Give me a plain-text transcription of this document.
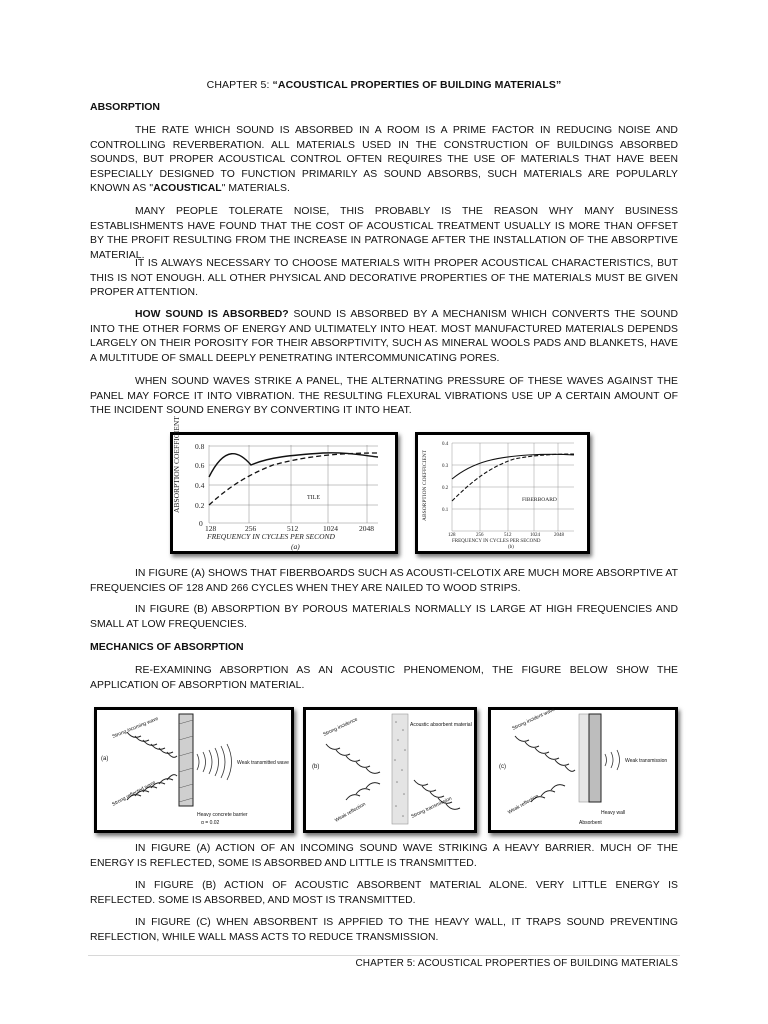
CHAPTER 5: “ACOUSTICAL PROPERTIES OF BUILDING MATERIALS”
ABSORPTION
THE RATE WHICH SOUND IS ABSORBED IN A ROOM IS A PRIME FACTOR IN REDUCING NOISE AND CONTROLLING REVERBERATION. ALL MATERIALS USED IN THE CONSTRUCTION OF BUILDINGS ABSORBED SOUNDS, BUT PROPER ACOUSTICAL CONTROL OFTEN REQUIRES THE USE OF MATERIALS THAT HAVE BEEN ESPECIALLY DESIGNED TO FUNCTION PRIMARILY AS SOUND ABSORBS, SUCH MATERIALS ARE POPULARLY KNOWN AS "ACOUSTICAL" MATERIALS.
MANY PEOPLE TOLERATE NOISE, THIS PROBABLY IS THE REASON WHY MANY BUSINESS ESTABLISHMENTS HAVE FOUND THAT THE COST OF ACOUSTICAL TREATMENT USUALLY IS MORE THAN OFFSET BY THE PROFIT RESULTING FROM THE INCREASE IN PATRONAGE AFTER THE INSTALLATION OF THE ABSORPTIVE MATERIAL.
IT IS ALWAYS NECESSARY TO CHOOSE MATERIALS WITH PROPER ACOUSTICAL CHARACTERISTICS, BUT THIS IS NOT ENOUGH. ALL OTHER PHYSICAL AND DECORATIVE PROPERTIES OF THE MATERIALS MUST BE GIVEN PROPER ATTENTION.
HOW SOUND IS ABSORBED? SOUND IS ABSORBED BY A MECHANISM WHICH CONVERTS THE SOUND INTO THE OTHER FORMS OF ENERGY AND ULTIMATELY INTO HEAT. MOST MANUFACTURED MATERIALS DEPENDS LARGELY ON THEIR POROSITY FOR THEIR ABSORPTIVITY, SUCH AS MINERAL WOOLS PADS AND BLANKETS, HAVE A MULTITUDE OF SMALL DEEPLY PENETRATING INTERCOMMUNICATING PORES.
WHEN SOUND WAVES STRIKE A PANEL, THE ALTERNATING PRESSURE OF THESE WAVES AGAINST THE PANEL MAY FORCE IT INTO VIBRATION. THE RESULTING FLEXURAL VIBRATIONS USE UP A CERTAIN AMOUNT OF THE INCIDENT SOUND ENERGY BY CONVERTING IT INTO HEAT.
ABSORPTION COEFFICIENT 0.8
0.6
0.4
0.2
0
128	256	512	1024	2048
FREQUENCY IN CYCLES PER SECOND
(a)
TILE	ABSORPTION COEFFICIENT
0.4
0.3
0.2
0.1
128	256	512	1024	2048
FREQUENCY IN CYCLES PER SECOND
(b)
FIBERBOARD
IN FIGURE (A) SHOWS THAT FIBERBOARDS SUCH AS ACOUSTI-CELOTIX ARE MUCH MORE ABSORPTIVE AT FREQUENCIES OF 128 AND 266 CYCLES WHEN THEY ARE NAILED TO WOOD STRIPS.
IN FIGURE (B) ABSORPTION BY POROUS MATERIALS NORMALLY IS LARGE AT HIGH FREQUENCIES AND SMALL AT LOW FREQUENCIES.
MECHANICS OF ABSORPTION
RE-EXAMINING ABSORPTION AS AN ACOUSTIC PHENOMENOM, THE FIGURE BELOW SHOW THE APPLICATION OF ABSORPTION MATERIAL.
(a)
Strong incoming wave
Weak transmitted wave
Strong reflected wave
Heavy concrete barrier
α = 0.02
(b)
Acoustic absorbent material
Strong incidence
Weak reflection	Strong transmission
(c)
Strong incident wave
Weak transmission
Weak reflection	Heavy wall
Absorbent
IN FIGURE (A) ACTION OF AN INCOMING SOUND WAVE STRIKING A HEAVY BARRIER. MUCH OF THE ENERGY IS REFLECTED, SOME IS ABSORBED AND LITTLE IS TRANSMITTED.
IN FIGURE (B) ACTION OF ACOUSTIC ABSORBENT MATERIAL ALONE. VERY LITTLE ENERGY IS REFLECTED. SOME IS ABSORBED, AND MOST IS TRANSMITTED.
IN FIGURE (C) WHEN ABSORBENT IS APPFIED TO THE HEAVY WALL, IT TRAPS SOUND PREVENTING REFLECTION, WHILE WALL MASS ACTS TO REDUCE TRANSMISSION.
CHAPTER 5: ACOUSTICAL PROPERTIES OF BUILDING MATERIALS
